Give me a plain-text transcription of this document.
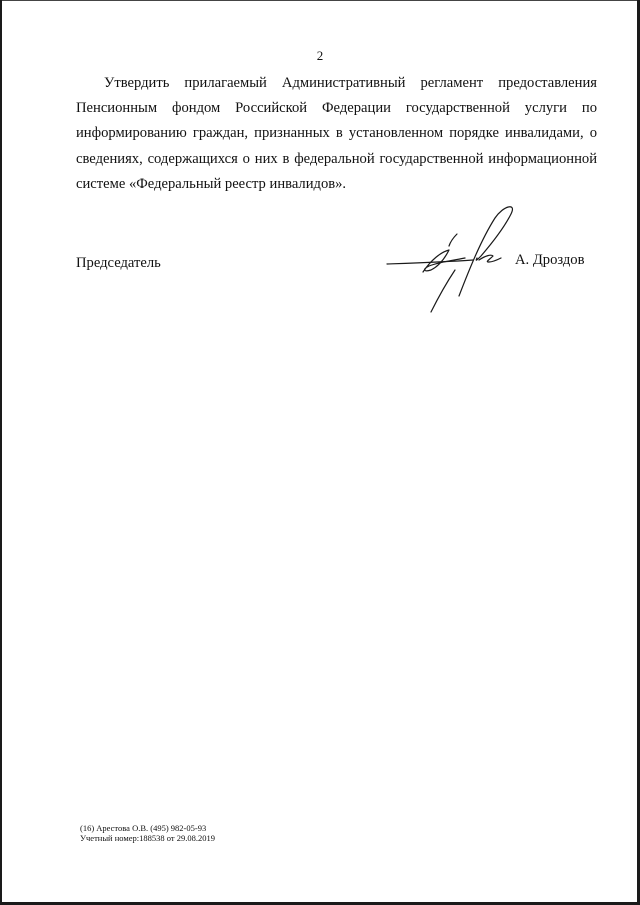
2

Утвердить прилагаемый Административный регламент предоставления Пенсионным фондом Российской Федерации государственной услуги по информированию граждан, признанных в установленном порядке инвалидами, о сведениях, содержащихся о них в федеральной государственной информационной системе «Федеральный реестр инвалидов».

Председатель	А. Дроздов
(16) Арестова О.В. (495) 982-05-93
Учетный номер:188538 от 29.08.2019
